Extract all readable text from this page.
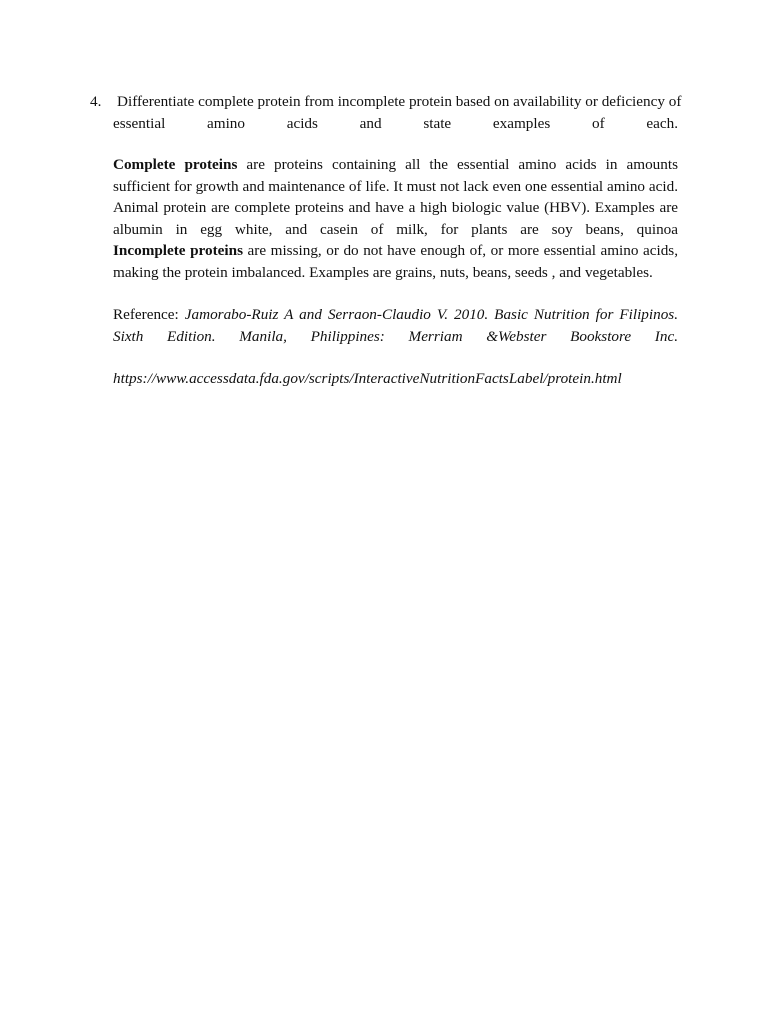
4. Differentiate complete protein from incomplete protein based on availability or deficiency of
essential amino acids and state examples of each.

Complete proteins are proteins containing all the essential amino acids in amounts sufficient for growth and maintenance of life. It must not lack even one essential amino acid. Animal protein are complete proteins and have a high biologic value (HBV). Examples are albumin in egg white, and casein of milk, for plants are soy beans, quinoa

Incomplete proteins are missing, or do not have enough of, or more essential amino acids, making the protein imbalanced. Examples are grains, nuts, beans, seeds , and vegetables.

Reference: Jamorabo-Ruiz A and Serraon-Claudio V. 2010. Basic Nutrition for Filipinos. Sixth Edition. Manila, Philippines: Merriam &Webster Bookstore Inc.
https://www.accessdata.fda.gov/scripts/InteractiveNutritionFactsLabel/protein.html
